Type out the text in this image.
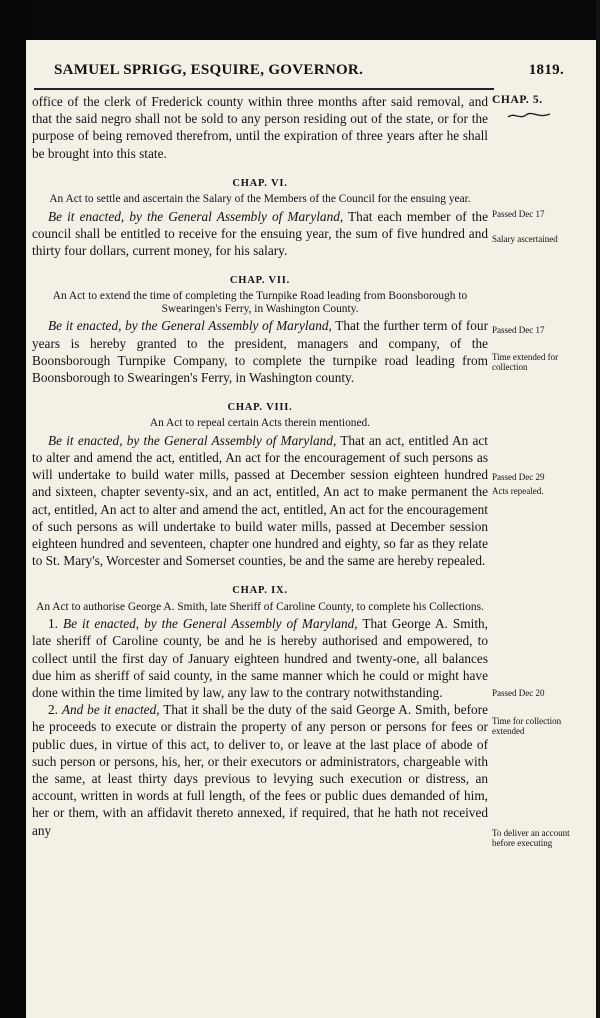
SAMUEL SPRIGG, ESQUIRE, GOVERNOR.	1819.

office of the clerk of Frederick county within three months after said removal, and that the said negro shall not be sold to any person residing out of the state, or for the purpose of being removed therefrom, until the expiration of three years after he shall be brought into this state.

CHAP. VI.
An Act to settle and ascertain the Salary of the Members of the Council for the ensuing year.

Be it enacted, by the General Assembly of Maryland, That each member of the council shall be entitled to receive for the ensuing year, the sum of five hundred and thirty four dollars, current money, for his salary.

CHAP. VII.
An Act to extend the time of completing the Turnpike Road leading from Boonsborough to Swearingen's Ferry, in Washington County.

Be it enacted, by the General Assembly of Maryland, That the further term of four years is hereby granted to the president, managers and company, of the Boonsborough Turnpike Company, to complete the turnpike road leading from Boonsborough to Swearingen's Ferry, in Washington county.

CHAP. VIII.
An Act to repeal certain Acts therein mentioned.

Be it enacted, by the General Assembly of Maryland, That an act, entitled An act to alter and amend the act, entitled, An act for the encouragement of such persons as will undertake to build water mills, passed at December session eighteen hundred and sixteen, chapter seventy-six, and an act, entitled, An act to make permanent the act, entitled, An act to alter and amend the act, entitled, An act for the encouragement of such persons as will undertake to build water mills, passed at December session eighteen hundred and seventeen, chapter one hundred and eighty, so far as they relate to St. Mary's, Worcester and Somerset counties, be and the same are hereby repealed.

CHAP. IX.
An Act to authorise George A. Smith, late Sheriff of Caroline County, to complete his Collections.

1. Be it enacted, by the General Assembly of Maryland, That George A. Smith, late sheriff of Caroline county, be and he is hereby authorised and empowered, to collect until the first day of January eighteen hundred and twenty-one, all balances due him as sheriff of said county, in the same manner which he could or might have done within the time limited by law, any law to the contrary notwithstanding.

2. And be it enacted, That it shall be the duty of the said George A. Smith, before he proceeds to execute or distrain the property of any person or persons for fees or public dues, in virtue of this act, to deliver to, or leave at the last place of abode of such person or persons, his, her, or their executors or administrators, chargeable with the same, at least thirty days previous to levying such execution or distress, an account, written in words at full length, of the fees or public dues demanded of him, her or them, with an affidavit thereto annexed, if required, that he hath not received any

CHAP. 5.
Passed Dec 17
Salary ascertained
Passed Dec 17
Time extended for collection
Passed Dec 29
Acts repealed.
Passed Dec 20
Time for collection extended
To deliver an account before executing
